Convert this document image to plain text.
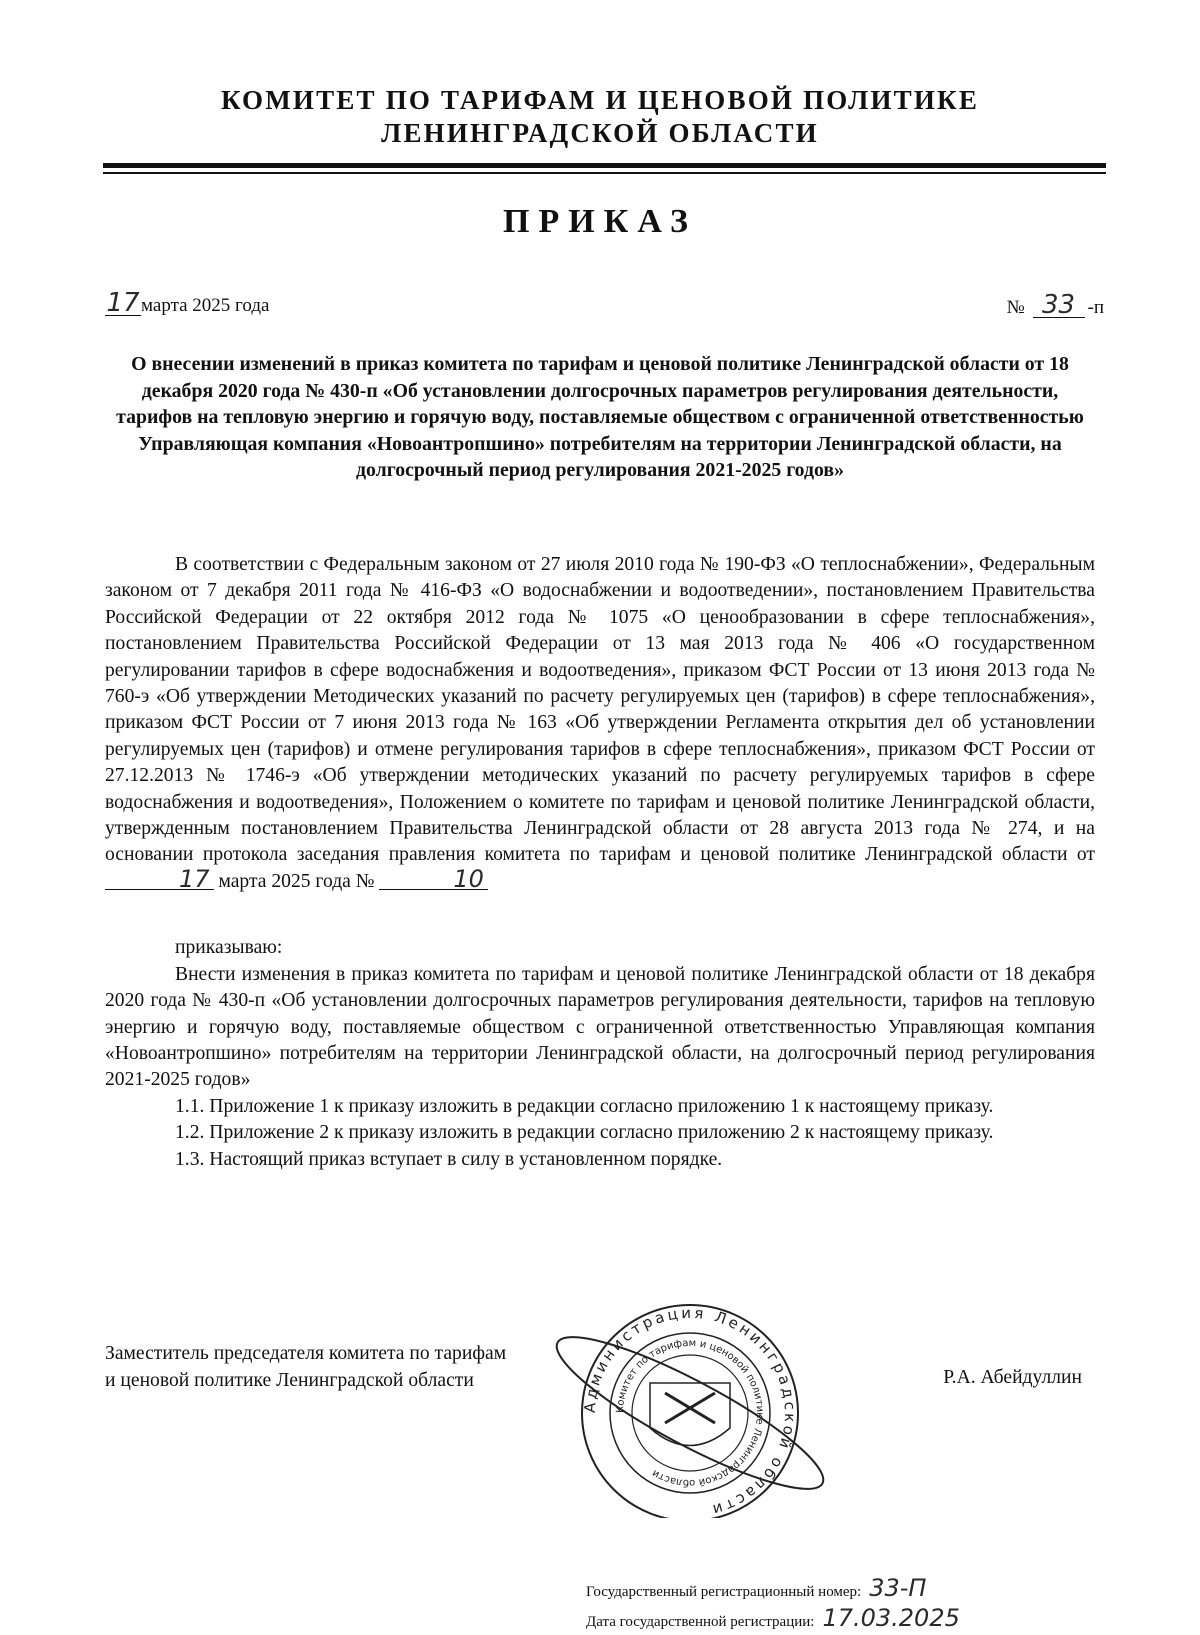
КОМИТЕТ ПО ТАРИФАМ И ЦЕНОВОЙ ПОЛИТИКЕ
ЛЕНИНГРАДСКОЙ ОБЛАСТИ
ПРИКАЗ
17марта 2025 года	№ 33 -п
О внесении изменений в приказ комитета по тарифам и ценовой политике Ленинградской области от 18 декабря 2020 года № 430-п «Об установлении долгосрочных параметров регулирования деятельности, тарифов на тепловую энергию и горячую воду, поставляемые обществом с ограниченной ответственностью Управляющая компания «Новоантропшино» потребителям на территории Ленинградской области, на долгосрочный период регулирования 2021-2025 годов»

В соответствии с Федеральным законом от 27 июля 2010 года № 190-ФЗ «О теплоснабжении», Федеральным законом от 7 декабря 2011 года № 416-ФЗ «О водоснабжении и водоотведении», постановлением Правительства Российской Федерации от 22 октября 2012 года № 1075 «О ценообразовании в сфере теплоснабжения», постановлением Правительства Российской Федерации от 13 мая 2013 года № 406 «О государственном регулировании тарифов в сфере водоснабжения и водоотведения», приказом ФСТ России от 13 июня 2013 года № 760-э «Об утверждении Методических указаний по расчету регулируемых цен (тарифов) в сфере теплоснабжения», приказом ФСТ России от 7 июня 2013 года № 163 «Об утверждении Регламента открытия дел об установлении регулируемых цен (тарифов) и отмене регулирования тарифов в сфере теплоснабжения», приказом ФСТ России от 27.12.2013 № 1746-э «Об утверждении методических указаний по расчету регулируемых тарифов в сфере водоснабжения и водоотведения», Положением о комитете по тарифам и ценовой политике Ленинградской области, утвержденным постановлением Правительства Ленинградской области от 28 августа 2013 года № 274, и на основании протокола заседания правления комитета по тарифам и ценовой политике Ленинградской области от17 марта 2025 года №	10

приказываю:

Внести изменения в приказ комитета по тарифам и ценовой политике Ленинградской области от 18 декабря 2020 года № 430-п «Об установлении долгосрочных параметров регулирования деятельности, тарифов на тепловую энергию и горячую воду, поставляемые обществом с ограниченной ответственностью Управляющая компания «Новоантропшино» потребителям на территории Ленинградской области, на долгосрочный период регулирования 2021-2025 годов»

1.1. Приложение 1 к приказу изложить в редакции согласно приложению 1 к настоящему приказу.

1.2. Приложение 2 к приказу изложить в редакции согласно приложению 2 к настоящему приказу.

1.3. Настоящий приказ вступает в силу в установленном порядке.

Заместитель председателя комитета по тарифам
и ценовой политике Ленинградской области	Р.А. Абейдуллин
Администрация Ленинградской области
Комитет по тарифам и ценовой политике Ленинградской области
Государственный регистрационный номер: 33-П
Дата государственной регистрации: 17.03.2025
